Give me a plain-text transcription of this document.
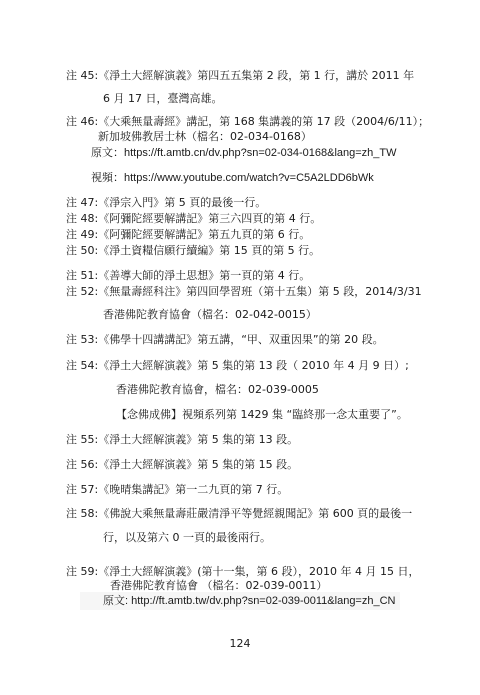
注 45:《淨土大經解演義》第四五五集第 2 段，第 1 行，講於 2011 年
6 月 17 日，臺灣高雄。
注 46:《大乘無量壽經》講記，第 168 集講義的第 17 段（2004/6/11）；
新加坡佛教居士林（檔名：02-034-0168）
原文：https://ft.amtb.cn/dv.php?sn=02-034-0168&lang=zh_TW
視頻：https://www.youtube.com/watch?v=C5A2LDD6bWk
注 47:《淨宗入門》第 5 頁的最後一行。
注 48:《阿彌陀經要解講記》第三六四頁的第 4 行。
注 49:《阿彌陀經要解講記》第五九頁的第 6 行。
注 50:《淨土資糧信願行續編》第 15 頁的第 5 行。
注 51:《善導大師的淨土思想》第一頁的第 4 行。
注 52:《無量壽經科注》第四回學習班（第十五集）第 5 段，2014/3/31
香港佛陀教育協會（檔名：02-042-0015）
注 53:《佛學十四講講記》第五講，“甲、双重因果”的第 20 段。
注 54:《淨土大經解演義》第 5 集的第 13 段（ 2010 年 4 月 9 日）;
香港佛陀教育協會，檔名：02-039-0005
【念佛成佛】視頻系列第 1429 集 “臨終那一念太重要了”。
注 55:《淨土大經解演義》第 5 集的第 13 段。
注 56:《淨土大經解演義》第 5 集的第 15 段。
注 57:《晚晴集講記》第一二九頁的第 7 行。
注 58:《佛說大乘無量壽莊嚴清淨平等覺經親聞記》第 600 頁的最後一
行，以及第六 0 一頁的最後兩行。
注 59:《淨土大經解演義》(第十一集，第 6 段），2010 年 4 月 15 日，
香港佛陀教育協會 （檔名：02-039-0011）
原文: http://ft.amtb.tw/dv.php?sn=02-039-0011&lang=zh_CN
124
